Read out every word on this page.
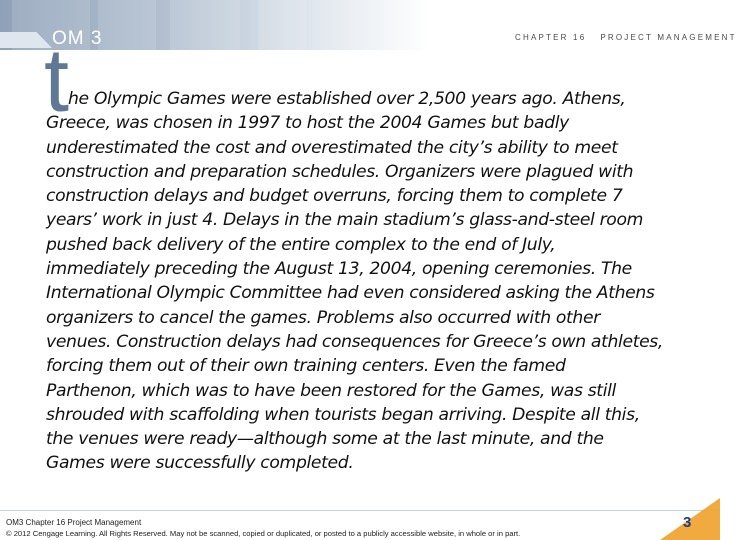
OM 3	CHAPTER 16 PROJECT MANAGEMENT
t
he Olympic Games were established over 2,500 years ago. Athens,
Greece, was chosen in 1997 to host the 2004 Games but badly
underestimated the cost and overestimated the city’s ability to meet
construction and preparation schedules. Organizers were plagued with
construction delays and budget overruns, forcing them to complete 7
years’ work in just 4. Delays in the main stadium’s glass-and-steel room
pushed back delivery of the entire complex to the end of July,
immediately preceding the August 13, 2004, opening ceremonies. The
International Olympic Committee had even considered asking the Athens
organizers to cancel the games. Problems also occurred with other
venues. Construction delays had consequences for Greece’s own athletes,
forcing them out of their own training centers. Even the famed
Parthenon, which was to have been restored for the Games, was still
shrouded with scaffolding when tourists began arriving. Despite all this,
the venues were ready—although some at the last minute, and the
Games were successfully completed.
OM3 Chapter 16 Project Management
© 2012 Cengage Learning. All Rights Reserved. May not be scanned, copied or duplicated, or posted to a publicly accessible website, in whole or in part.
3
